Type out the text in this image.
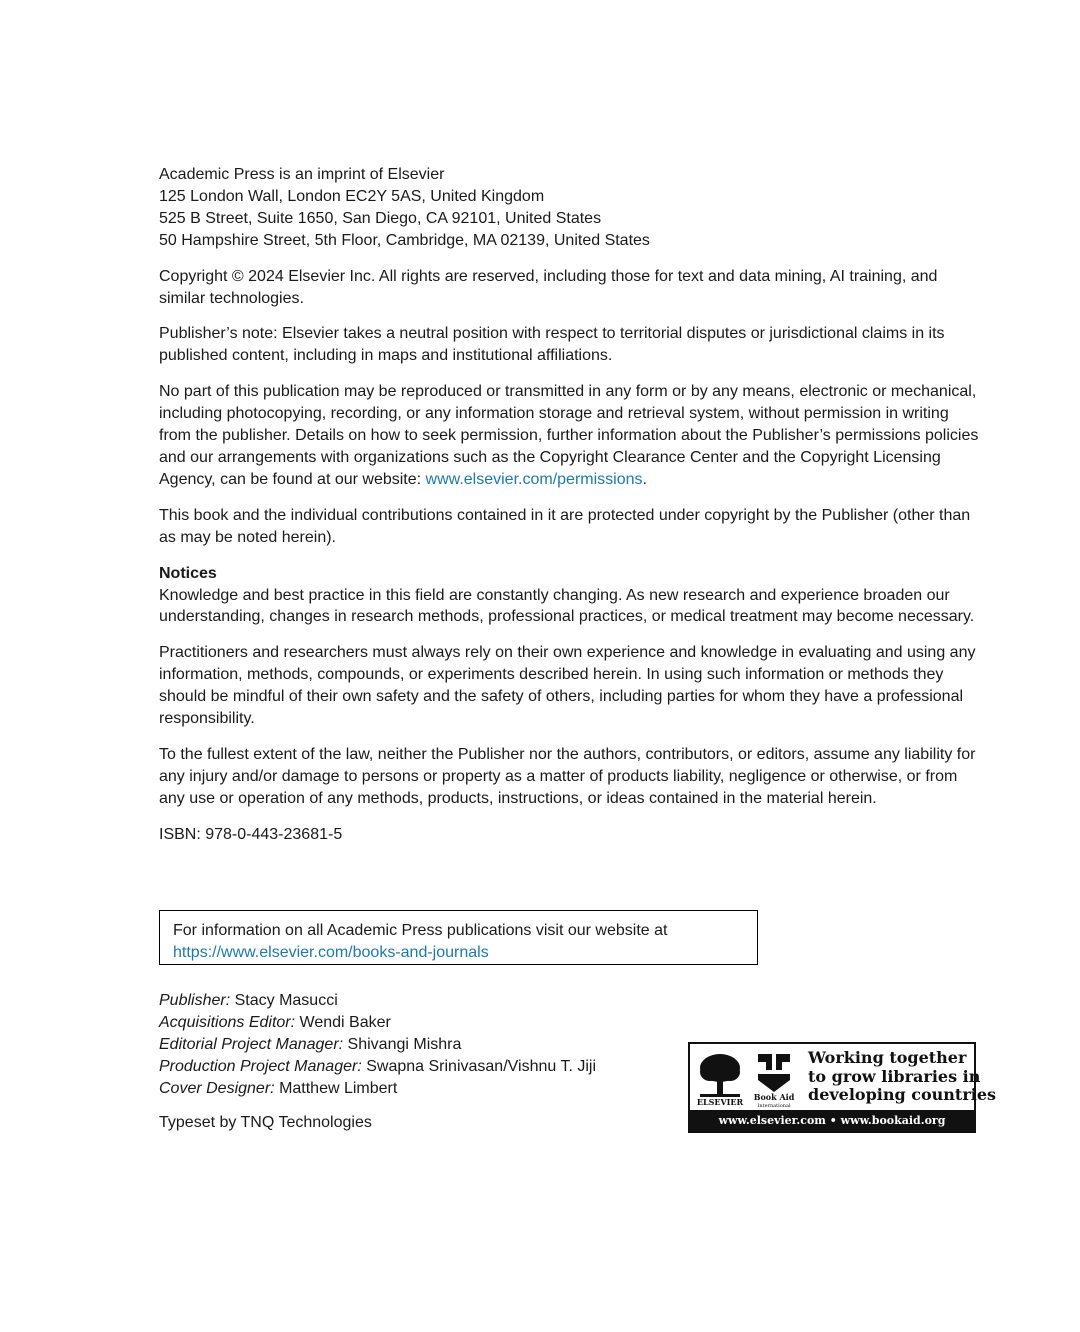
Academic Press is an imprint of Elsevier

125 London Wall, London EC2Y 5AS, United Kingdom

525 B Street, Suite 1650, San Diego, CA 92101, United States

50 Hampshire Street, 5th Floor, Cambridge, MA 02139, United States

Copyright © 2024 Elsevier Inc. All rights are reserved, including those for text and data mining, AI training, and similar technologies.

Publisher’s note: Elsevier takes a neutral position with respect to territorial disputes or jurisdictional claims in its published content, including in maps and institutional affiliations.

No part of this publication may be reproduced or transmitted in any form or by any means, electronic or mechanical, including photocopying, recording, or any information storage and retrieval system, without permission in writing from the publisher. Details on how to seek permission, further information about the Publisher’s permissions policies and our arrangements with organizations such as the Copyright Clearance Center and the Copyright Licensing Agency, can be found at our website: www.elsevier.com/permissions.

This book and the individual contributions contained in it are protected under copyright by the Publisher (other than as may be noted herein).

Notices

Knowledge and best practice in this field are constantly changing. As new research and experience broaden our understanding, changes in research methods, professional practices, or medical treatment may become necessary.

Practitioners and researchers must always rely on their own experience and knowledge in evaluating and using any information, methods, compounds, or experiments described herein. In using such information or methods they should be mindful of their own safety and the safety of others, including parties for whom they have a professional responsibility.

To the fullest extent of the law, neither the Publisher nor the authors, contributors, or editors, assume any liability for any injury and/or damage to persons or property as a matter of products liability, negligence or otherwise, or from any use or operation of any methods, products, instructions, or ideas contained in the material herein.

ISBN: 978-0-443-23681-5

For information on all Academic Press publications visit our website at
https://www.elsevier.com/books-and-journals
Publisher: Stacy Masucci
Acquisitions Editor: Wendi Baker
Editorial Project Manager: Shivangi Mishra
Production Project Manager: Swapna Srinivasan/Vishnu T. Jiji
Cover Designer: Matthew Limbert
Typeset by TNQ Technologies
ELSEVIER Book Aid
International
Working together
to grow libraries in
developing countries
www.elsevier.com • www.bookaid.org
